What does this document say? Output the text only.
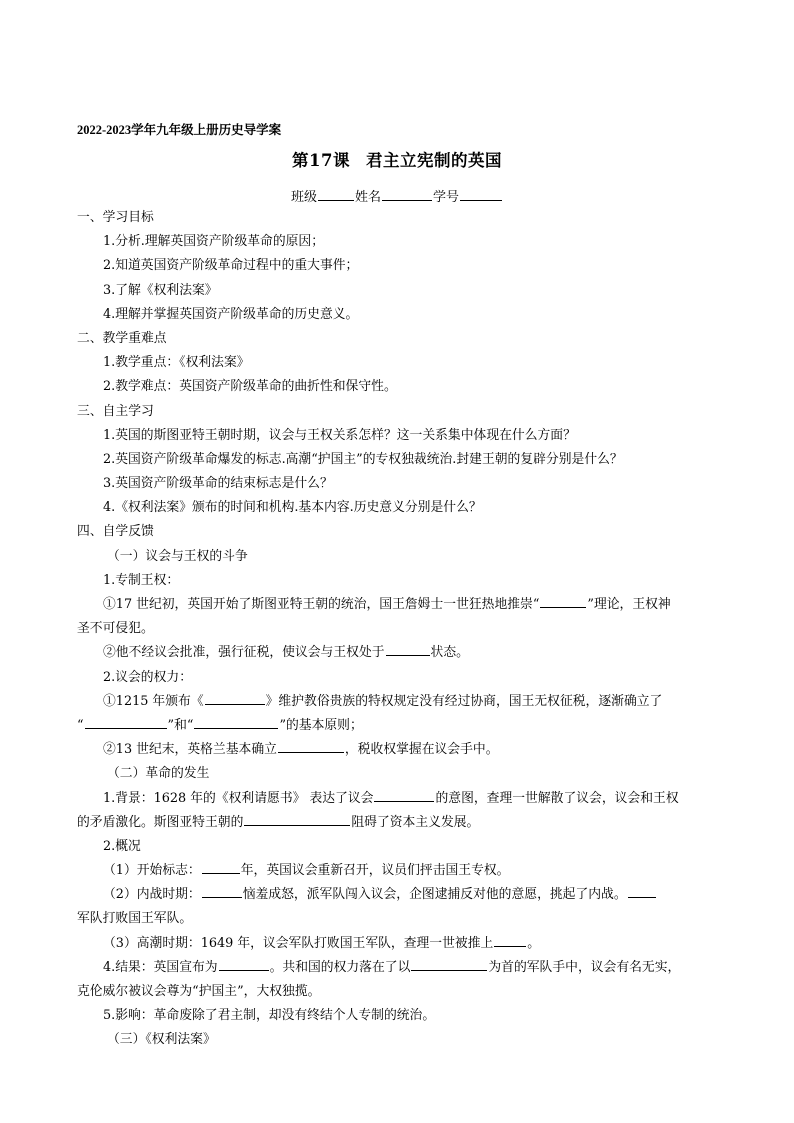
2022-2023学年九年级上册历史导学案
第17课 君主立宪制的英国
班级	姓名	学号
一、学习目标
1.分析.理解英国资产阶级革命的原因；
2.知道英国资产阶级革命过程中的重大事件；
3.了解《权利法案》
4.理解并掌握英国资产阶级革命的历史意义。
二、教学重难点
1.教学重点：《权利法案》
2.教学难点：英国资产阶级革命的曲折性和保守性。
三、自主学习
1.英国的斯图亚特王朝时期，议会与王权关系怎样？这一关系集中体现在什么方面？
2.英国资产阶级革命爆发的标志.高潮“护国主”的专权独裁统治.封建王朝的复辟分别是什么？
3.英国资产阶级革命的结束标志是什么？
4.《权利法案》颁布的时间和机构.基本内容.历史意义分别是什么？
四、自学反馈
（一）议会与王权的斗争
1.专制王权：
①17 世纪初，英国开始了斯图亚特王朝的统治，国王詹姆士一世狂热地推崇“	”理论，王权神
圣不可侵犯。
②他不经议会批准，强行征税，使议会与王权处于	状态。
2.议会的权力：
①1215 年颁布《	》维护教俗贵族的特权规定没有经过协商，国王无权征税，逐渐确立了
“	”和“	”的基本原则；
②13 世纪末，英格兰基本确立	，税收权掌握在议会手中。
（二）革命的发生
1.背景：1628 年的《权利请愿书》 表达了议会	的意图，查理一世解散了议会，议会和王权
的矛盾激化。斯图亚特王朝的	阻碍了资本主义发展。
2.概况
（1）开始标志：	年，英国议会重新召开，议员们抨击国王专权。
（2）内战时期：	恼羞成怒，派军队闯入议会，企图逮捕反对他的意愿，挑起了内战。
军队打败国王军队。
（3）高潮时期：1649 年，议会军队打败国王军队，查理一世被推上	。
4.结果：英国宣布为	。共和国的权力落在了以	为首的军队手中，议会有名无实，
克伦威尔被议会尊为“护国主”，大权独揽。
5.影响：革命废除了君主制，却没有终结个人专制的统治。
（三）《权利法案》
